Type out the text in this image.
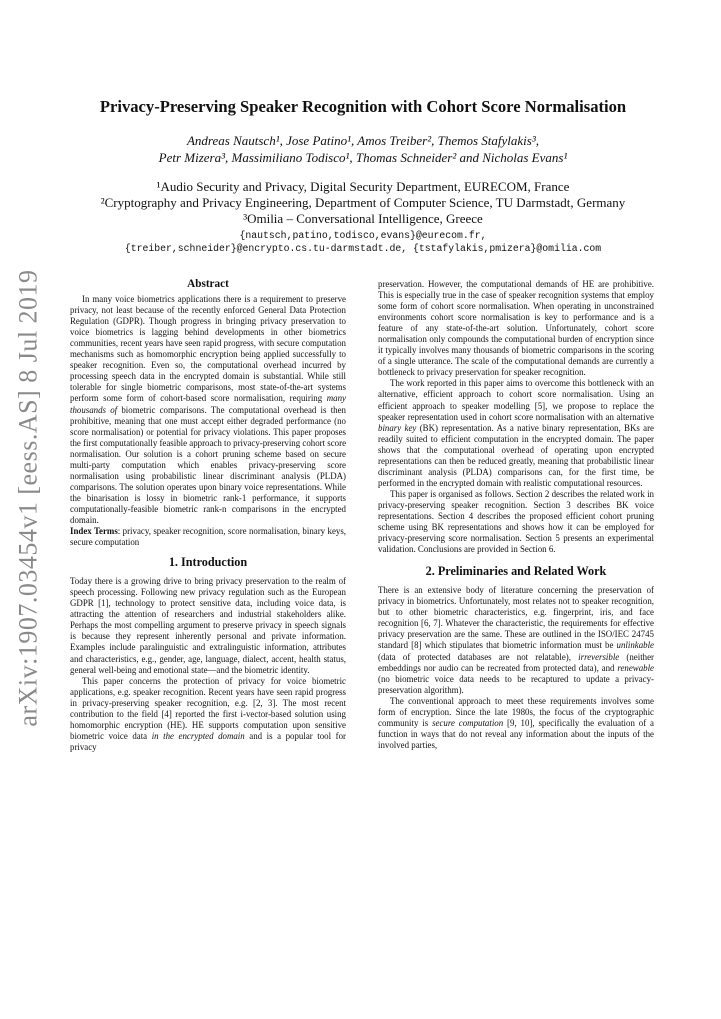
arXiv:1907.03454v1 [eess.AS] 8 Jul 2019
Privacy-Preserving Speaker Recognition with Cohort Score Normalisation
Andreas Nautsch¹, Jose Patino¹, Amos Treiber², Themos Stafylakis³,
Petr Mizera³, Massimiliano Todisco¹, Thomas Schneider² and Nicholas Evans¹
¹Audio Security and Privacy, Digital Security Department, EURECOM, France
²Cryptography and Privacy Engineering, Department of Computer Science, TU Darmstadt, Germany
³Omilia – Conversational Intelligence, Greece
{nautsch,patino,todisco,evans}@eurecom.fr,
{treiber,schneider}@encrypto.cs.tu-darmstadt.de, {tstafylakis,pmizera}@omilia.com
Abstract

In many voice biometrics applications there is a requirement to preserve privacy, not least because of the recently enforced General Data Protection Regulation (GDPR). Though progress in bringing privacy preservation to voice biometrics is lagging behind developments in other biometrics communities, recent years have seen rapid progress, with secure computation mechanisms such as homomorphic encryption being applied successfully to speaker recognition. Even so, the computational overhead incurred by processing speech data in the encrypted domain is substantial. While still tolerable for single biometric comparisons, most state-of-the-art systems perform some form of cohort-based score normalisation, requiring many thousands of biometric comparisons. The computational overhead is then prohibitive, meaning that one must accept either degraded performance (no score normalisation) or potential for privacy violations. This paper proposes the first computationally feasible approach to privacy-preserving cohort score normalisation. Our solution is a cohort pruning scheme based on secure multi-party computation which enables privacy-preserving score normalisation using probabilistic linear discriminant analysis (PLDA) comparisons. The solution operates upon binary voice representations. While the binarisation is lossy in biometric rank-1 performance, it supports computationally-feasible biometric rank-n comparisons in the encrypted domain.

Index Terms: privacy, speaker recognition, score normalisation, binary keys, secure computation

1. Introduction

Today there is a growing drive to bring privacy preservation to the realm of speech processing. Following new privacy regulation such as the European GDPR [1], technology to protect sensitive data, including voice data, is attracting the attention of researchers and industrial stakeholders alike. Perhaps the most compelling argument to preserve privacy in speech signals is because they represent inherently personal and private information. Examples include paralinguistic and extralinguistic information, attributes and characteristics, e.g., gender, age, language, dialect, accent, health status, general well-being and emotional state—and the biometric identity.

This paper concerns the protection of privacy for voice biometric applications, e.g. speaker recognition. Recent years have seen rapid progress in privacy-preserving speaker recognition, e.g. [2, 3]. The most recent contribution to the field [4] reported the first i-vector-based solution using homomorphic encryption (HE). HE supports computation upon sensitive biometric voice data in the encrypted domain and is a popular tool for privacy

preservation. However, the computational demands of HE are prohibitive. This is especially true in the case of speaker recognition systems that employ some form of cohort score normalisation. When operating in unconstrained environments cohort score normalisation is key to performance and is a feature of any state-of-the-art solution. Unfortunately, cohort score normalisation only compounds the computational burden of encryption since it typically involves many thousands of biometric comparisons in the scoring of a single utterance. The scale of the computational demands are currently a bottleneck to privacy preservation for speaker recognition.

The work reported in this paper aims to overcome this bottleneck with an alternative, efficient approach to cohort score normalisation. Using an efficient approach to speaker modelling [5], we propose to replace the speaker representation used in cohort score normalisation with an alternative binary key (BK) representation. As a native binary representation, BKs are readily suited to efficient computation in the encrypted domain. The paper shows that the computational overhead of operating upon encrypted representations can then be reduced greatly, meaning that probabilistic linear discriminant analysis (PLDA) comparisons can, for the first time, be performed in the encrypted domain with realistic computational resources.

This paper is organised as follows. Section 2 describes the related work in privacy-preserving speaker recognition. Section 3 describes BK voice representations. Section 4 describes the proposed efficient cohort pruning scheme using BK representations and shows how it can be employed for privacy-preserving score normalisation. Section 5 presents an experimental validation. Conclusions are provided in Section 6.

2. Preliminaries and Related Work

There is an extensive body of literature concerning the preservation of privacy in biometrics. Unfortunately, most relates not to speaker recognition, but to other biometric characteristics, e.g. fingerprint, iris, and face recognition [6, 7]. Whatever the characteristic, the requirements for effective privacy preservation are the same. These are outlined in the ISO/IEC 24745 standard [8] which stipulates that biometric information must be unlinkable (data of protected databases are not relatable), irreversible (neither embeddings nor audio can be recreated from protected data), and renewable (no biometric voice data needs to be recaptured to update a privacy-preservation algorithm).

The conventional approach to meet these requirements involves some form of encryption. Since the late 1980s, the focus of the cryptographic community is secure computation [9, 10], specifically the evaluation of a function in ways that do not reveal any information about the inputs of the involved parties,
